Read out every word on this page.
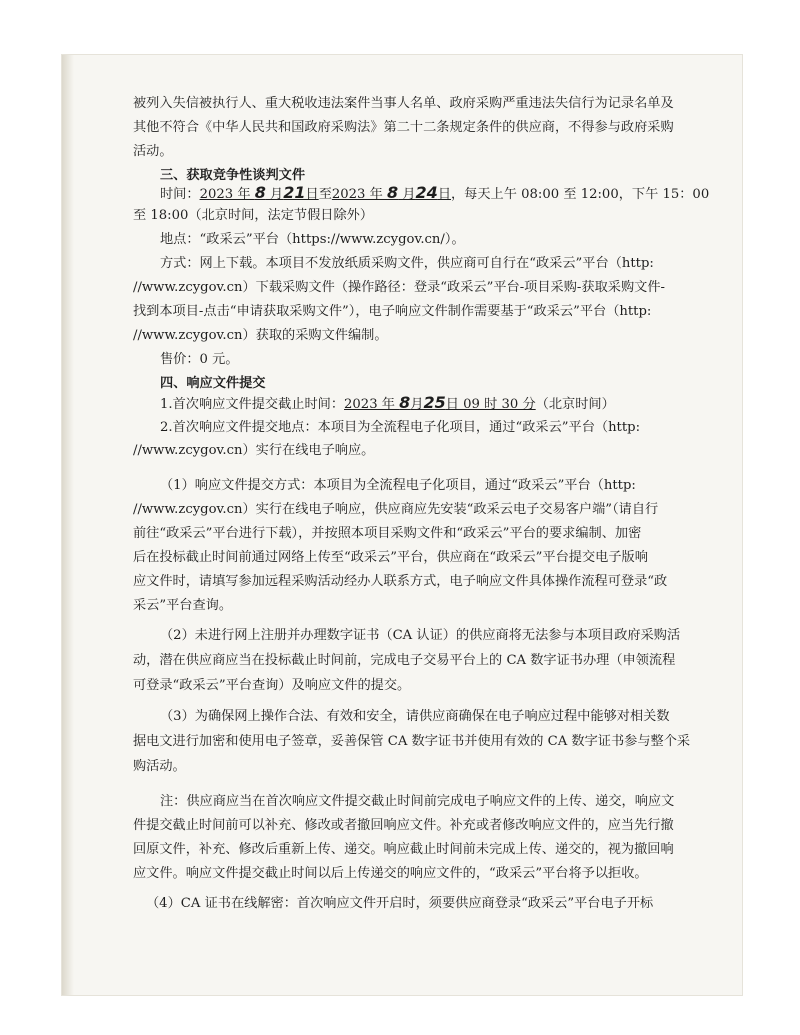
被列入失信被执行人、重大税收违法案件当事人名单、政府采购严重违法失信行为记录名单及
其他不符合《中华人民共和国政府采购法》第二十二条规定条件的供应商，不得参与政府采购
活动。
三、获取竞争性谈判文件
时间：2023 年 8 月21日至2023 年 8 月24日，每天上午 08:00 至 12:00，下午 15：00
至 18:00（北京时间，法定节假日除外）
地点：“政采云”平台（https://www.zcygov.cn/）。
方式：网上下载。本项目不发放纸质采购文件，供应商可自行在“政采云”平台（http:
//www.zcygov.cn）下载采购文件（操作路径：登录“政采云”平台-项目采购-获取采购文件-
找到本项目-点击“申请获取采购文件”），电子响应文件制作需要基于“政采云”平台（http:
//www.zcygov.cn）获取的采购文件编制。
售价：0 元。
四、响应文件提交
1.首次响应文件提交截止时间：2023 年 8月25日 09 时 30 分（北京时间）
2.首次响应文件提交地点：本项目为全流程电子化项目，通过“政采云”平台（http:
//www.zcygov.cn）实行在线电子响应。
（1）响应文件提交方式：本项目为全流程电子化项目，通过“政采云”平台（http:
//www.zcygov.cn）实行在线电子响应，供应商应先安装“政采云电子交易客户端”（请自行
前往“政采云”平台进行下载），并按照本项目采购文件和“政采云”平台的要求编制、加密
后在投标截止时间前通过网络上传至“政采云”平台，供应商在“政采云”平台提交电子版响
应文件时，请填写参加远程采购活动经办人联系方式，电子响应文件具体操作流程可登录“政
采云”平台查询。
（2）未进行网上注册并办理数字证书（CA 认证）的供应商将无法参与本项目政府采购活
动，潜在供应商应当在投标截止时间前，完成电子交易平台上的 CA 数字证书办理（申领流程
可登录“政采云”平台查询）及响应文件的提交。
（3）为确保网上操作合法、有效和安全，请供应商确保在电子响应过程中能够对相关数
据电文进行加密和使用电子签章，妥善保管 CA 数字证书并使用有效的 CA 数字证书参与整个采
购活动。
注：供应商应当在首次响应文件提交截止时间前完成电子响应文件的上传、递交，响应文
件提交截止时间前可以补充、修改或者撤回响应文件。补充或者修改响应文件的，应当先行撤
回原文件，补充、修改后重新上传、递交。响应截止时间前未完成上传、递交的，视为撤回响
应文件。响应文件提交截止时间以后上传递交的响应文件的，“政采云”平台将予以拒收。
（4）CA 证书在线解密：首次响应文件开启时，须要供应商登录“政采云”平台电子开标
